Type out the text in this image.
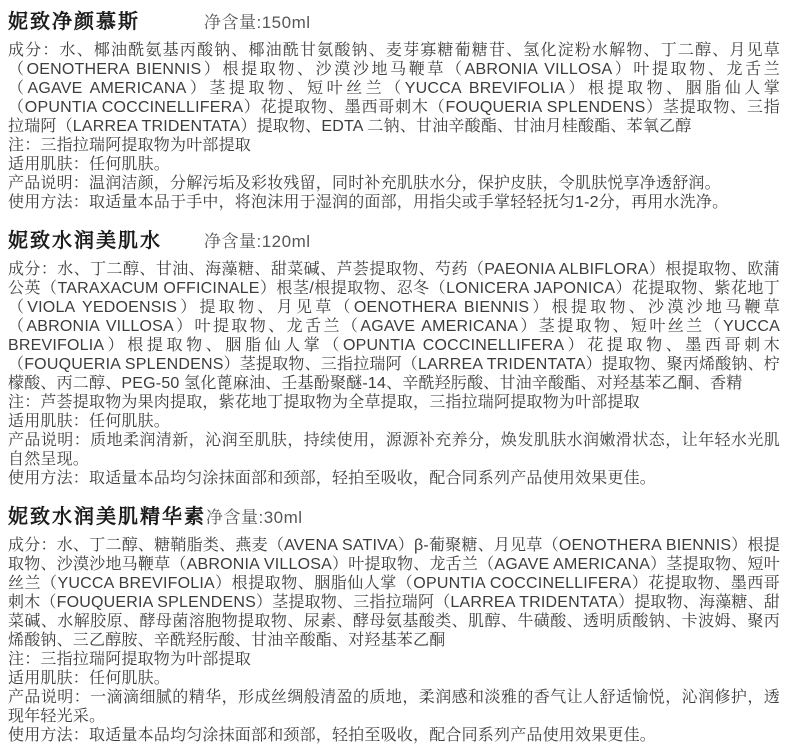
妮致净颜慕斯	净含量:150ml

成分：水、椰油酰氨基丙酸钠、椰油酰甘氨酸钠、麦芽寡糖葡糖苷、氢化淀粉水解物、丁二醇、月见草（OENOTHERA BIENNIS）根提取物、沙漠沙地马鞭草（ABRONIA VILLOSA）叶提取物、龙舌兰（AGAVE AMERICANA）茎提取物、短叶丝兰（YUCCA BREVIFOLIA）根提取物、胭脂仙人掌（OPUNTIA COCCINELLIFERA）花提取物、墨西哥刺木（FOUQUERIA SPLENDENS）茎提取物、三指拉瑞阿（LARREA TRIDENTATA）提取物、EDTA 二钠、甘油辛酸酯、甘油月桂酸酯、苯氧乙醇

注：三指拉瑞阿提取物为叶部提取

适用肌肤：任何肌肤。

产品说明：温润洁颜，分解污垢及彩妆残留，同时补充肌肤水分，保护皮肤，令肌肤悦享净透舒润。

使用方法：取适量本品于手中，将泡沫用于湿润的面部，用指尖或手掌轻轻抚匀1-2分，再用水洗净。

妮致水润美肌水	净含量:120ml

成分：水、丁二醇、甘油、海藻糖、甜菜碱、芦荟提取物、芍药（PAEONIA ALBIFLORA）根提取物、欧蒲公英（TARAXACUM OFFICINALE）根茎/根提取物、忍冬（LONICERA JAPONICA）花提取物、紫花地丁（VIOLA YEDOENSIS）提取物、月见草（OENOTHERA BIENNIS）根提取物、沙漠沙地马鞭草（ABRONIA VILLOSA）叶提取物、龙舌兰（AGAVE AMERICANA）茎提取物、短叶丝兰（YUCCA BREVIFOLIA）根提取物、胭脂仙人掌（OPUNTIA COCCINELLIFERA）花提取物、墨西哥刺木（FOUQUERIA SPLENDENS）茎提取物、三指拉瑞阿（LARREA TRIDENTATA）提取物、聚丙烯酸钠、柠檬酸、丙二醇、PEG-50 氢化蓖麻油、壬基酚聚醚-14、辛酰羟肟酸、甘油辛酸酯、对羟基苯乙酮、香精

注：芦荟提取物为果肉提取，紫花地丁提取物为全草提取，三指拉瑞阿提取物为叶部提取

适用肌肤：任何肌肤。

产品说明：质地柔润清新，沁润至肌肤，持续使用，源源补充养分，焕发肌肤水润嫩滑状态，让年轻水光肌自然呈现。

使用方法：取适量本品均匀涂抹面部和颈部，轻拍至吸收，配合同系列产品使用效果更佳。

妮致水润美肌精华素 净含量:30ml

成分：水、丁二醇、糖鞘脂类、燕麦（AVENA SATIVA）β-葡聚糖、月见草（OENOTHERA BIENNIS）根提取物、沙漠沙地马鞭草（ABRONIA VILLOSA）叶提取物、龙舌兰（AGAVE AMERICANA）茎提取物、短叶丝兰（YUCCA BREVIFOLIA）根提取物、胭脂仙人掌（OPUNTIA COCCINELLIFERA）花提取物、墨西哥刺木（FOUQUERIA SPLENDENS）茎提取物、三指拉瑞阿（LARREA TRIDENTATA）提取物、海藻糖、甜菜碱、水解胶原、酵母菌溶胞物提取物、尿素、酵母氨基酸类、肌醇、牛磺酸、透明质酸钠、卡波姆、聚丙烯酸钠、三乙醇胺、辛酰羟肟酸、甘油辛酸酯、对羟基苯乙酮

注：三指拉瑞阿提取物为叶部提取

适用肌肤：任何肌肤。

产品说明：一滴滴细腻的精华，形成丝绸般清盈的质地，柔润感和淡雅的香气让人舒适愉悦，沁润修护，透现年轻光采。

使用方法：取适量本品均匀涂抹面部和颈部，轻拍至吸收，配合同系列产品使用效果更佳。
